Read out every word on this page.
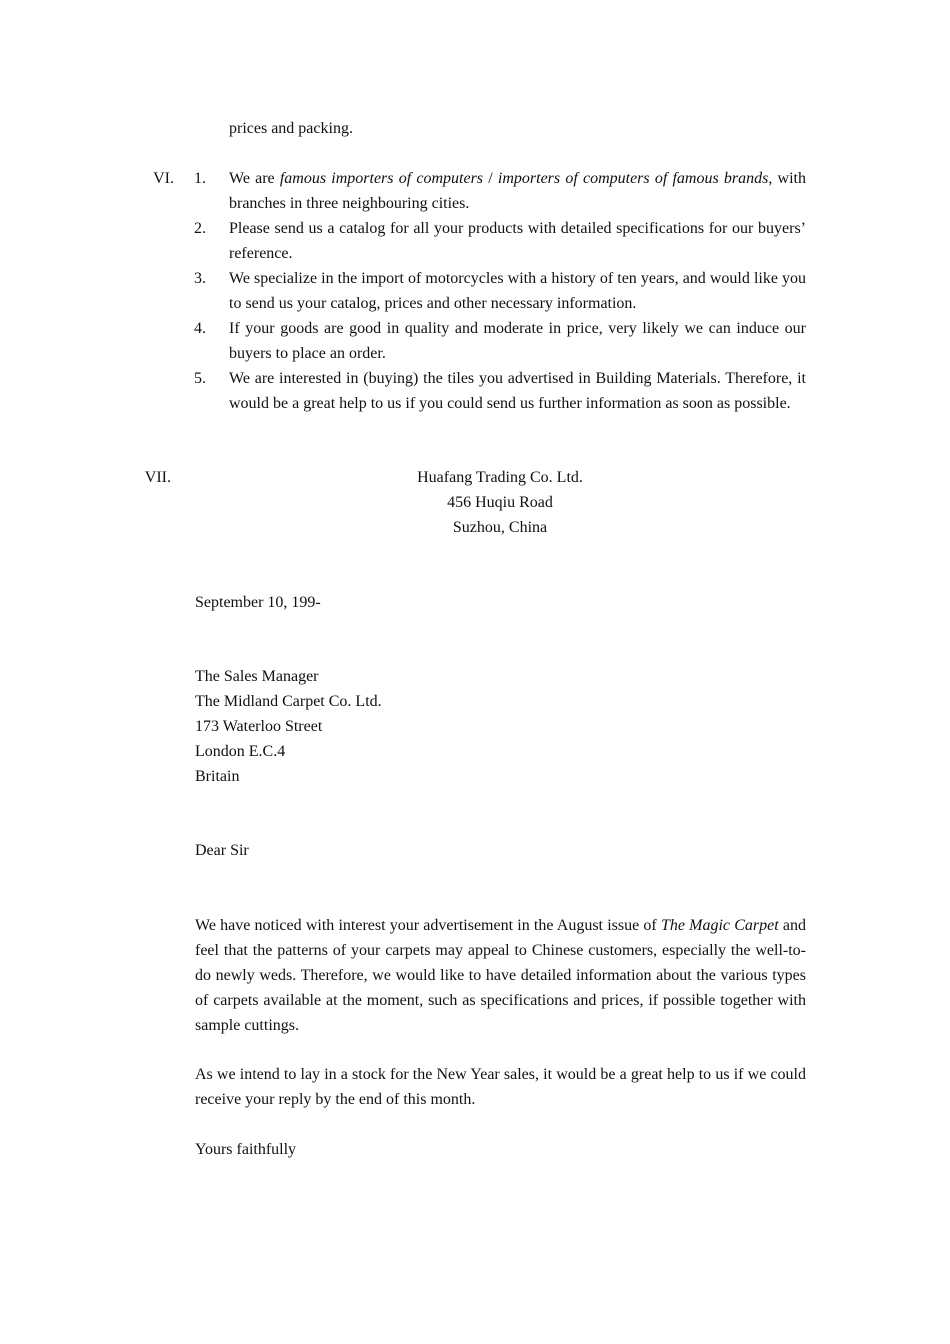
prices and packing.
VI. 1.	We are famous importers of computers / importers of computers of famous brands, with branches in three neighbouring cities.
2.	Please send us a catalog for all your products with detailed specifications for our buyers’ reference.
3.	We specialize in the import of motorcycles with a history of ten years, and would like you to send us your catalog, prices and other necessary information.
4.	If your goods are good in quality and moderate in price, very likely we can induce our buyers to place an order.
5.	We are interested in (buying) the tiles you advertised in Building Materials. Therefore, it would be a great help to us if you could send us further information as soon as possible.
VII.	Huafang Trading Co. Ltd.
456 Huqiu Road
Suzhou, China
September 10, 199-
The Sales Manager
The Midland Carpet Co. Ltd.
173 Waterloo Street
London E.C.4
Britain
Dear Sir
We have noticed with interest your advertisement in the August issue of The Magic Carpet and feel that the patterns of your carpets may appeal to Chinese customers, especially the well-to-do newly weds. Therefore, we would like to have detailed information about the various types of carpets available at the moment, such as specifications and prices, if possible together with sample cuttings.
As we intend to lay in a stock for the New Year sales, it would be a great help to us if we could receive your reply by the end of this month.
Yours faithfully
